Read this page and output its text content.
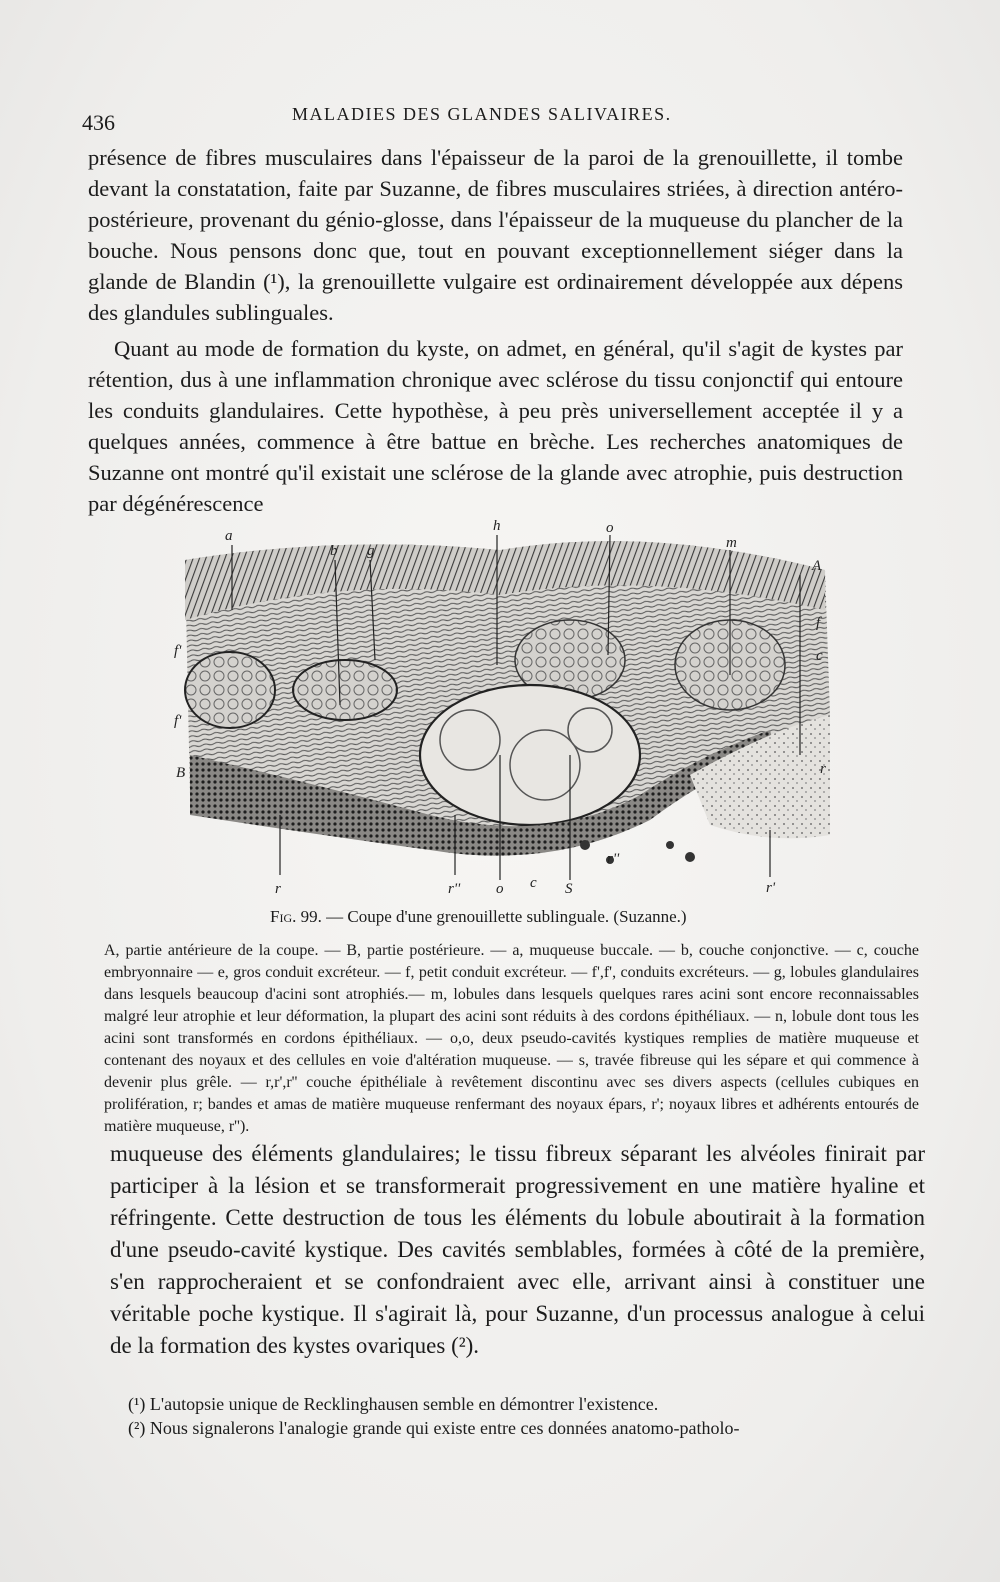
436	MALADIES DES GLANDES SALIVAIRES.

présence de fibres musculaires dans l'épaisseur de la paroi de la grenouillette, il tombe devant la constatation, faite par Suzanne, de fibres musculaires striées, à direction antéro-postérieure, provenant du génio-glosse, dans l'épaisseur de la muqueuse du plancher de la bouche. Nous pensons donc que, tout en pouvant exceptionnellement siéger dans la glande de Blandin (¹), la grenouillette vulgaire est ordinairement développée aux dépens des glandules sublinguales.

Quant au mode de formation du kyste, on admet, en général, qu'il s'agit de kystes par rétention, dus à une inflammation chronique avec sclérose du tissu conjonctif qui entoure les conduits glandulaires. Cette hypothèse, à peu près universellement acceptée il y a quelques années, commence à être battue en brèche. Les recherches anatomiques de Suzanne ont montré qu'il existait une sclérose de la glande avec atrophie, puis destruction par dégénérescence

a
b g
h	o
m
A
f
c
f'
f'
B	r
r	r'' o c S
r''
r'
Fig. 99. — Coupe d'une grenouillette sublinguale. (Suzanne.)

A, partie antérieure de la coupe. — B, partie postérieure. — a, muqueuse buccale. — b, couche conjonctive. — c, couche embryonnaire — e, gros conduit excréteur. — f, petit conduit excréteur. — f',f', conduits excréteurs. — g, lobules glandulaires dans lesquels beaucoup d'acini sont atrophiés.— m, lobules dans lesquels quelques rares acini sont encore reconnaissables malgré leur atrophie et leur déformation, la plupart des acini sont réduits à des cordons épithéliaux. — n, lobule dont tous les acini sont transformés en cordons épithéliaux. — o,o, deux pseudo-cavités kystiques remplies de matière muqueuse et contenant des noyaux et des cellules en voie d'altération muqueuse. — s, travée fibreuse qui les sépare et qui commence à devenir plus grêle. — r,r',r'' couche épithéliale à revêtement discontinu avec ses divers aspects (cellules cubiques en prolifération, r; bandes et amas de matière muqueuse renfermant des noyaux épars, r'; noyaux libres et adhérents entourés de matière muqueuse, r'').

muqueuse des éléments glandulaires; le tissu fibreux séparant les alvéoles finirait par participer à la lésion et se transformerait progressivement en une matière hyaline et réfringente. Cette destruction de tous les éléments du lobule aboutirait à la formation d'une pseudo-cavité kystique. Des cavités semblables, formées à côté de la première, s'en rapprocheraient et se confondraient avec elle, arrivant ainsi à constituer une véritable poche kystique. Il s'agirait là, pour Suzanne, d'un processus analogue à celui de la formation des kystes ovariques (²).

(¹) L'autopsie unique de Recklinghausen semble en démontrer l'existence.

(²) Nous signalerons l'analogie grande qui existe entre ces données anatomo-patholo-
